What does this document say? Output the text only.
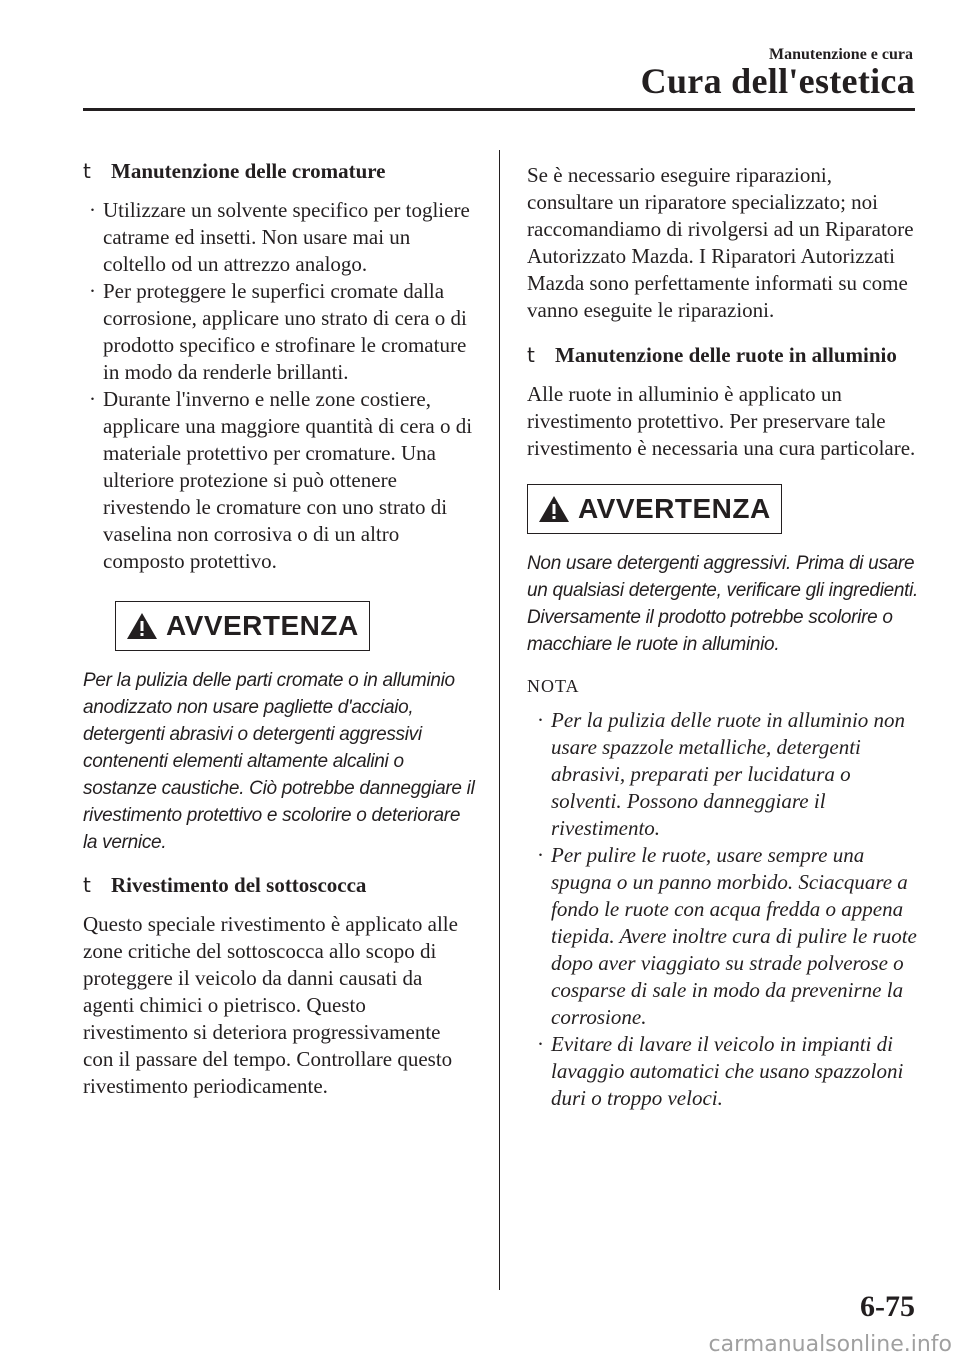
Manutenzione e cura
Cura dell'estetica
t Manutenzione delle cromature
· Utilizzare un solvente specifico per togliere catrame ed insetti. Non usare mai un coltello od un attrezzo analogo.
· Per proteggere le superfici cromate dalla corrosione, applicare uno strato di cera o di prodotto specifico e strofinare le cromature in modo da renderle brillanti.
· Durante l'inverno e nelle zone costiere, applicare una maggiore quantità di cera o di materiale protettivo per cromature. Una ulteriore protezione si può ottenere rivestendo le cromature con uno strato di vaselina non corrosiva o di un altro composto protettivo.
AVVERTENZA

Per la pulizia delle parti cromate o in alluminio anodizzato non usare pagliette d'acciaio, detergenti abrasivi o detergenti aggressivi contenenti elementi altamente alcalini o sostanze caustiche. Ciò potrebbe danneggiare il rivestimento protettivo e scolorire o deteriorare la vernice.

t Rivestimento del sottoscocca

Questo speciale rivestimento è applicato alle zone critiche del sottoscocca allo scopo di proteggere il veicolo da danni causati da agenti chimici o pietrisco. Questo rivestimento si deteriora progressivamente con il passare del tempo. Controllare questo rivestimento periodicamente.

Se è necessario eseguire riparazioni, consultare un riparatore specializzato; noi raccomandiamo di rivolgersi ad un Riparatore Autorizzato Mazda. I Riparatori Autorizzati Mazda sono perfettamente informati su come vanno eseguite le riparazioni.

t Manutenzione delle ruote in alluminio

Alle ruote in alluminio è applicato un rivestimento protettivo. Per preservare tale rivestimento è necessaria una cura particolare.

AVVERTENZA

Non usare detergenti aggressivi. Prima di usare un qualsiasi detergente, verificare gli ingredienti. Diversamente il prodotto potrebbe scolorire o macchiare le ruote in alluminio.

NOTA
· Per la pulizia delle ruote in alluminio non usare spazzole metalliche, detergenti abrasivi, preparati per lucidatura o solventi. Possono danneggiare il rivestimento.
· Per pulire le ruote, usare sempre una spugna o un panno morbido. Sciacquare a fondo le ruote con acqua fredda o appena tiepida. Avere inoltre cura di pulire le ruote dopo aver viaggiato su strade polverose o cosparse di sale in modo da prevenirne la corrosione.
· Evitare di lavare il veicolo in impianti di lavaggio automatici che usano spazzoloni duri o troppo veloci.
6-75
carmanualsonline.info
